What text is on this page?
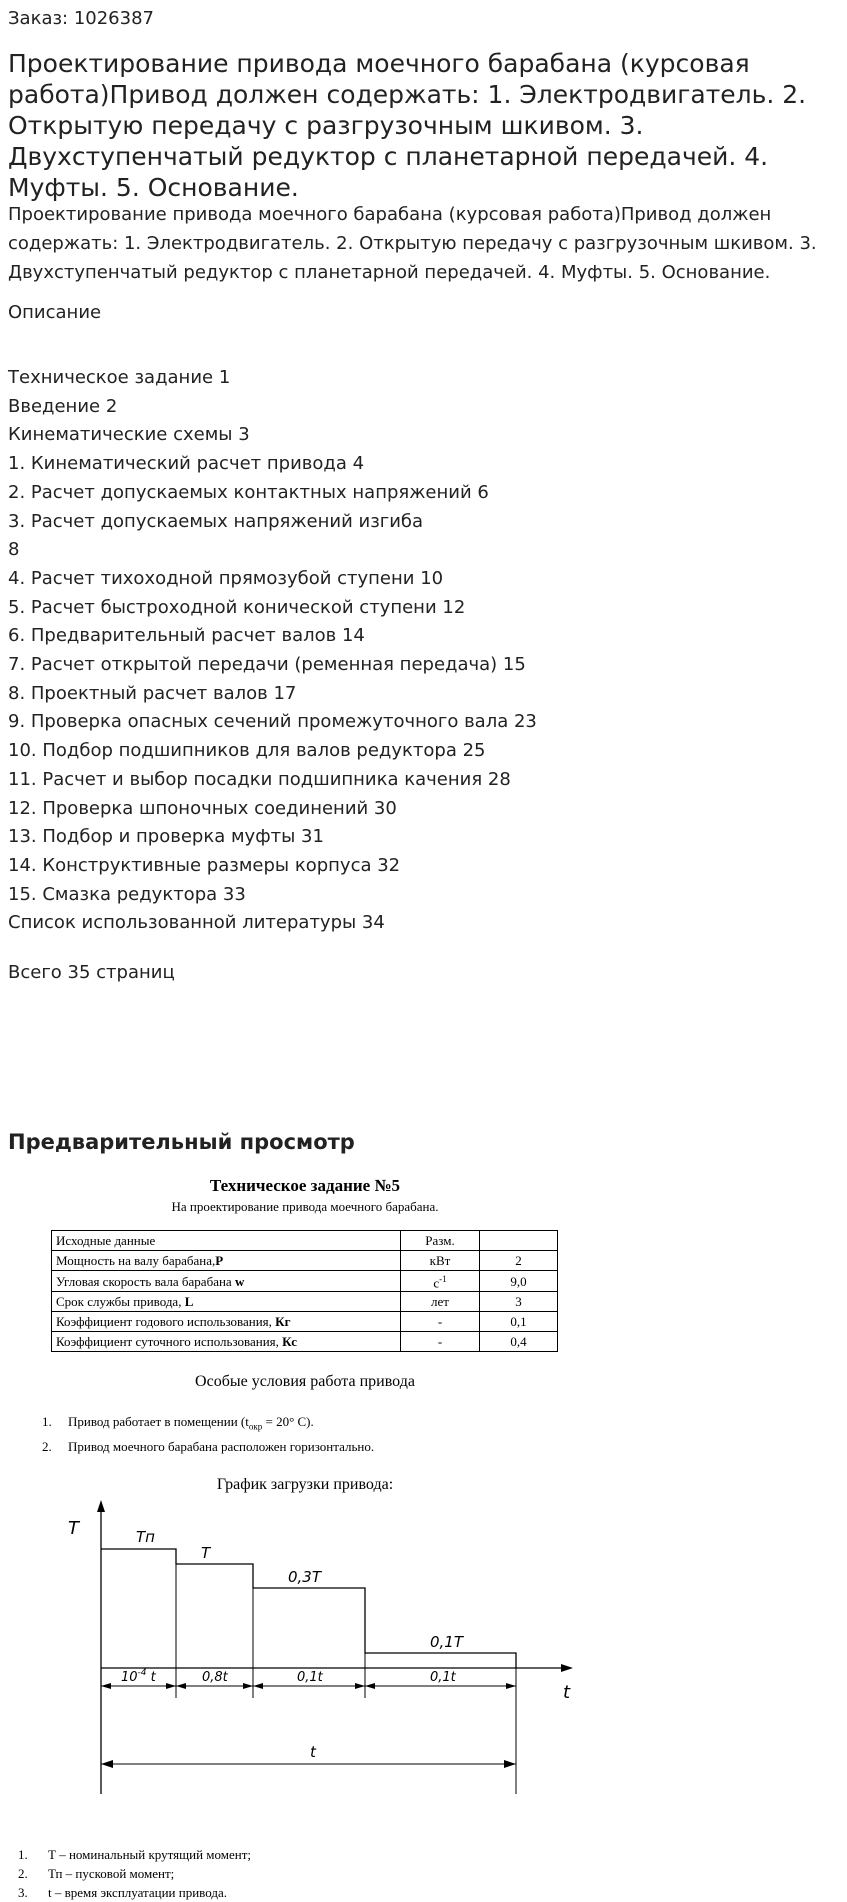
Заказ: 1026387
Проектирование привода моечного барабана (курсовая работа)Привод должен содержать: 1. Электродвигатель. 2. Открытую передачу с разгрузочным шкивом. 3. Двухступенчатый редуктор с планетарной передачей. 4. Муфты. 5. Основание.
Проектирование привода моечного барабана (курсовая работа)Привод должен содержать: 1. Электродвигатель. 2. Открытую передачу с разгрузочным шкивом. 3. Двухступенчатый редуктор с планетарной передачей. 4. Муфты. 5. Основание.
Описание
Техническое задание 1
Введение 2
Кинематические схемы 3
1. Кинематический расчет привода 4
2. Расчет допускаемых контактных напряжений 6
3. Расчет допускаемых напряжений изгиба
8
4. Расчет тихоходной прямозубой ступени 10
5. Расчет быстроходной конической ступени 12
6. Предварительный расчет валов 14
7. Расчет открытой передачи (ременная передача) 15
8. Проектный расчет валов 17
9. Проверка опасных сечений промежуточного вала 23
10. Подбор подшипников для валов редуктора 25
11. Расчет и выбор посадки подшипника качения 28
12. Проверка шпоночных соединений 30
13. Подбор и проверка муфты 31
14. Конструктивные размеры корпуса 32
15. Смазка редуктора 33
Список использованной литературы 34
Всего 35 страниц
Предварительный просмотр
Техническое задание №5
На проектирование привода моечного барабана.
Исходные данные	Разм.	
Мощность на валу барабана,Р	кВт	2
Угловая скорость вала барабана w	$с^{-1}$	9,0
Срок службы привода, L	лет	3
Коэффициент годового использования, Кг	-	0,1
Коэффициент суточного использования, Кс	-	0,4
Особые условия работа привода
1. Привод работает в помещении ($t_{окр} = 20^\circ$ С).
2. Привод моечного барабана расположен горизонтально.
График загрузки привода:
T
t
Tп
T
0,3T
0,1T
$10^{-4}$ t	0,8t	0,1t	0,1t
t
1. Т – номинальный крутящий момент;
2. Тп – пусковой момент;
3. t – время эксплуатации привода.
